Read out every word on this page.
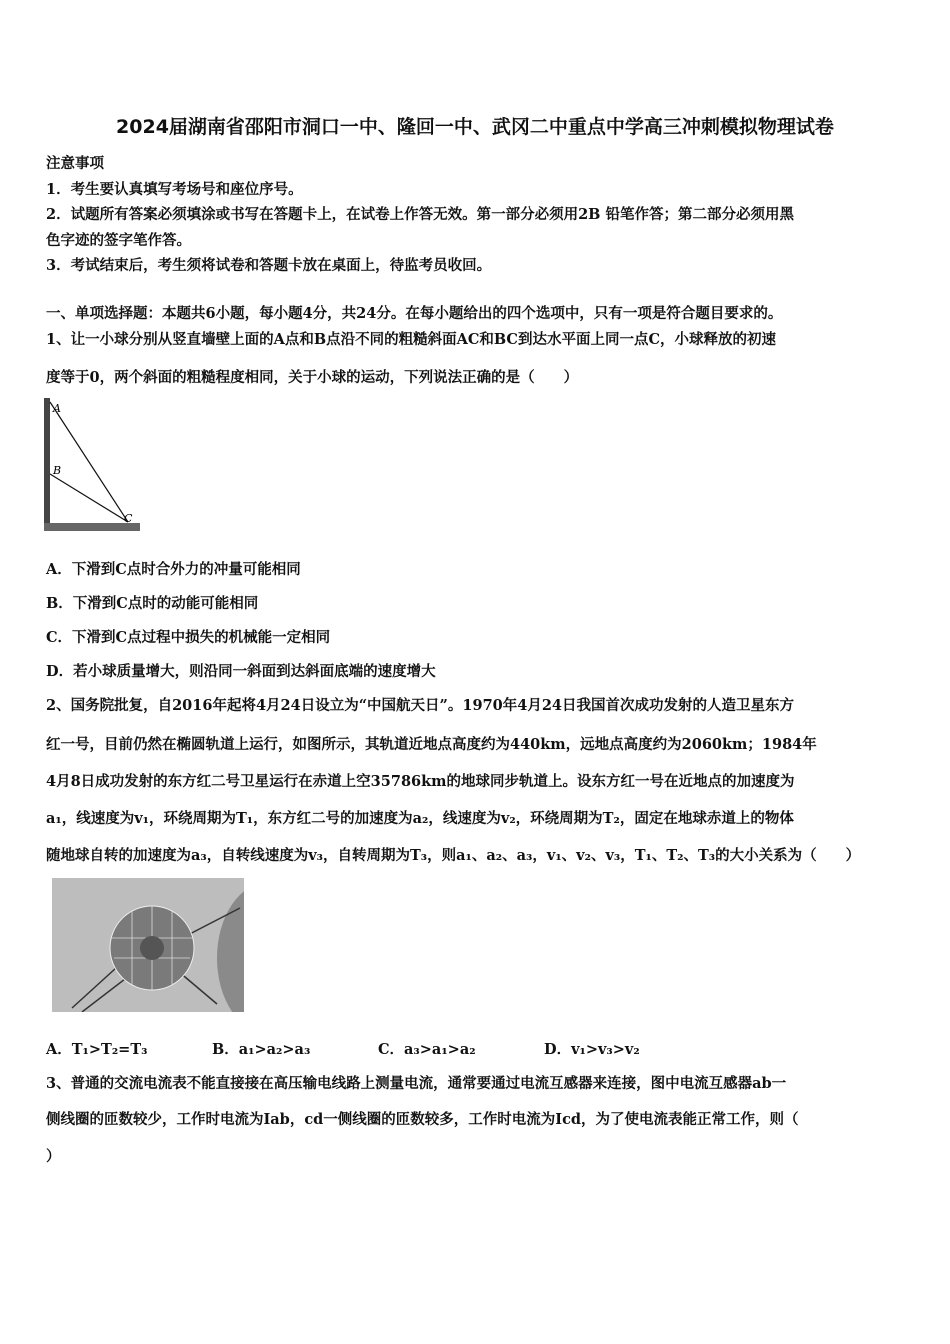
2024届湖南省邵阳市洞口一中、隆回一中、武冈二中重点中学高三冲刺模拟物理试卷
注意事项
1．考生要认真填写考场号和座位序号。
2．试题所有答案必须填涂或书写在答题卡上，在试卷上作答无效。第一部分必须用2B 铅笔作答；第二部分必须用黑
色字迹的签字笔作答。
3．考试结束后，考生须将试卷和答题卡放在桌面上，待监考员收回。
一、单项选择题：本题共6小题，每小题4分，共24分。在每小题给出的四个选项中，只有一项是符合题目要求的。
1、让一小球分别从竖直墙壁上面的A点和B点沿不同的粗糙斜面AC和BC到达水平面上同一点C，小球释放的初速
度等于0，两个斜面的粗糙程度相同，关于小球的运动，下列说法正确的是（　　）
A
B
C
A．下滑到C点时合外力的冲量可能相同
B．下滑到C点时的动能可能相同
C．下滑到C点过程中损失的机械能一定相同
D．若小球质量增大，则沿同一斜面到达斜面底端的速度增大
2、国务院批复，自2016年起将4月24日设立为“中国航天日”。1970年4月24日我国首次成功发射的人造卫星东方
红一号，目前仍然在椭圆轨道上运行，如图所示，其轨道近地点高度约为440km，远地点高度约为2060km；1984年
4月8日成功发射的东方红二号卫星运行在赤道上空35786km的地球同步轨道上。设东方红一号在近地点的加速度为
a₁，线速度为v₁，环绕周期为T₁，东方红二号的加速度为a₂，线速度为v₂，环绕周期为T₂，固定在地球赤道上的物体
随地球自转的加速度为a₃，自转线速度为v₃，自转周期为T₃，则a₁、a₂、a₃，v₁、v₂、v₃，T₁、T₂、T₃的大小关系为（　　）
A．T₁>T₂=T₃	B．a₁>a₂>a₃	C．a₃>a₁>a₂	D．v₁>v₃>v₂
3、普通的交流电流表不能直接接在高压输电线路上测量电流，通常要通过电流互感器来连接，图中电流互感器ab一
侧线圈的匝数较少，工作时电流为Iab，cd一侧线圈的匝数较多，工作时电流为Icd，为了使电流表能正常工作，则（
）
